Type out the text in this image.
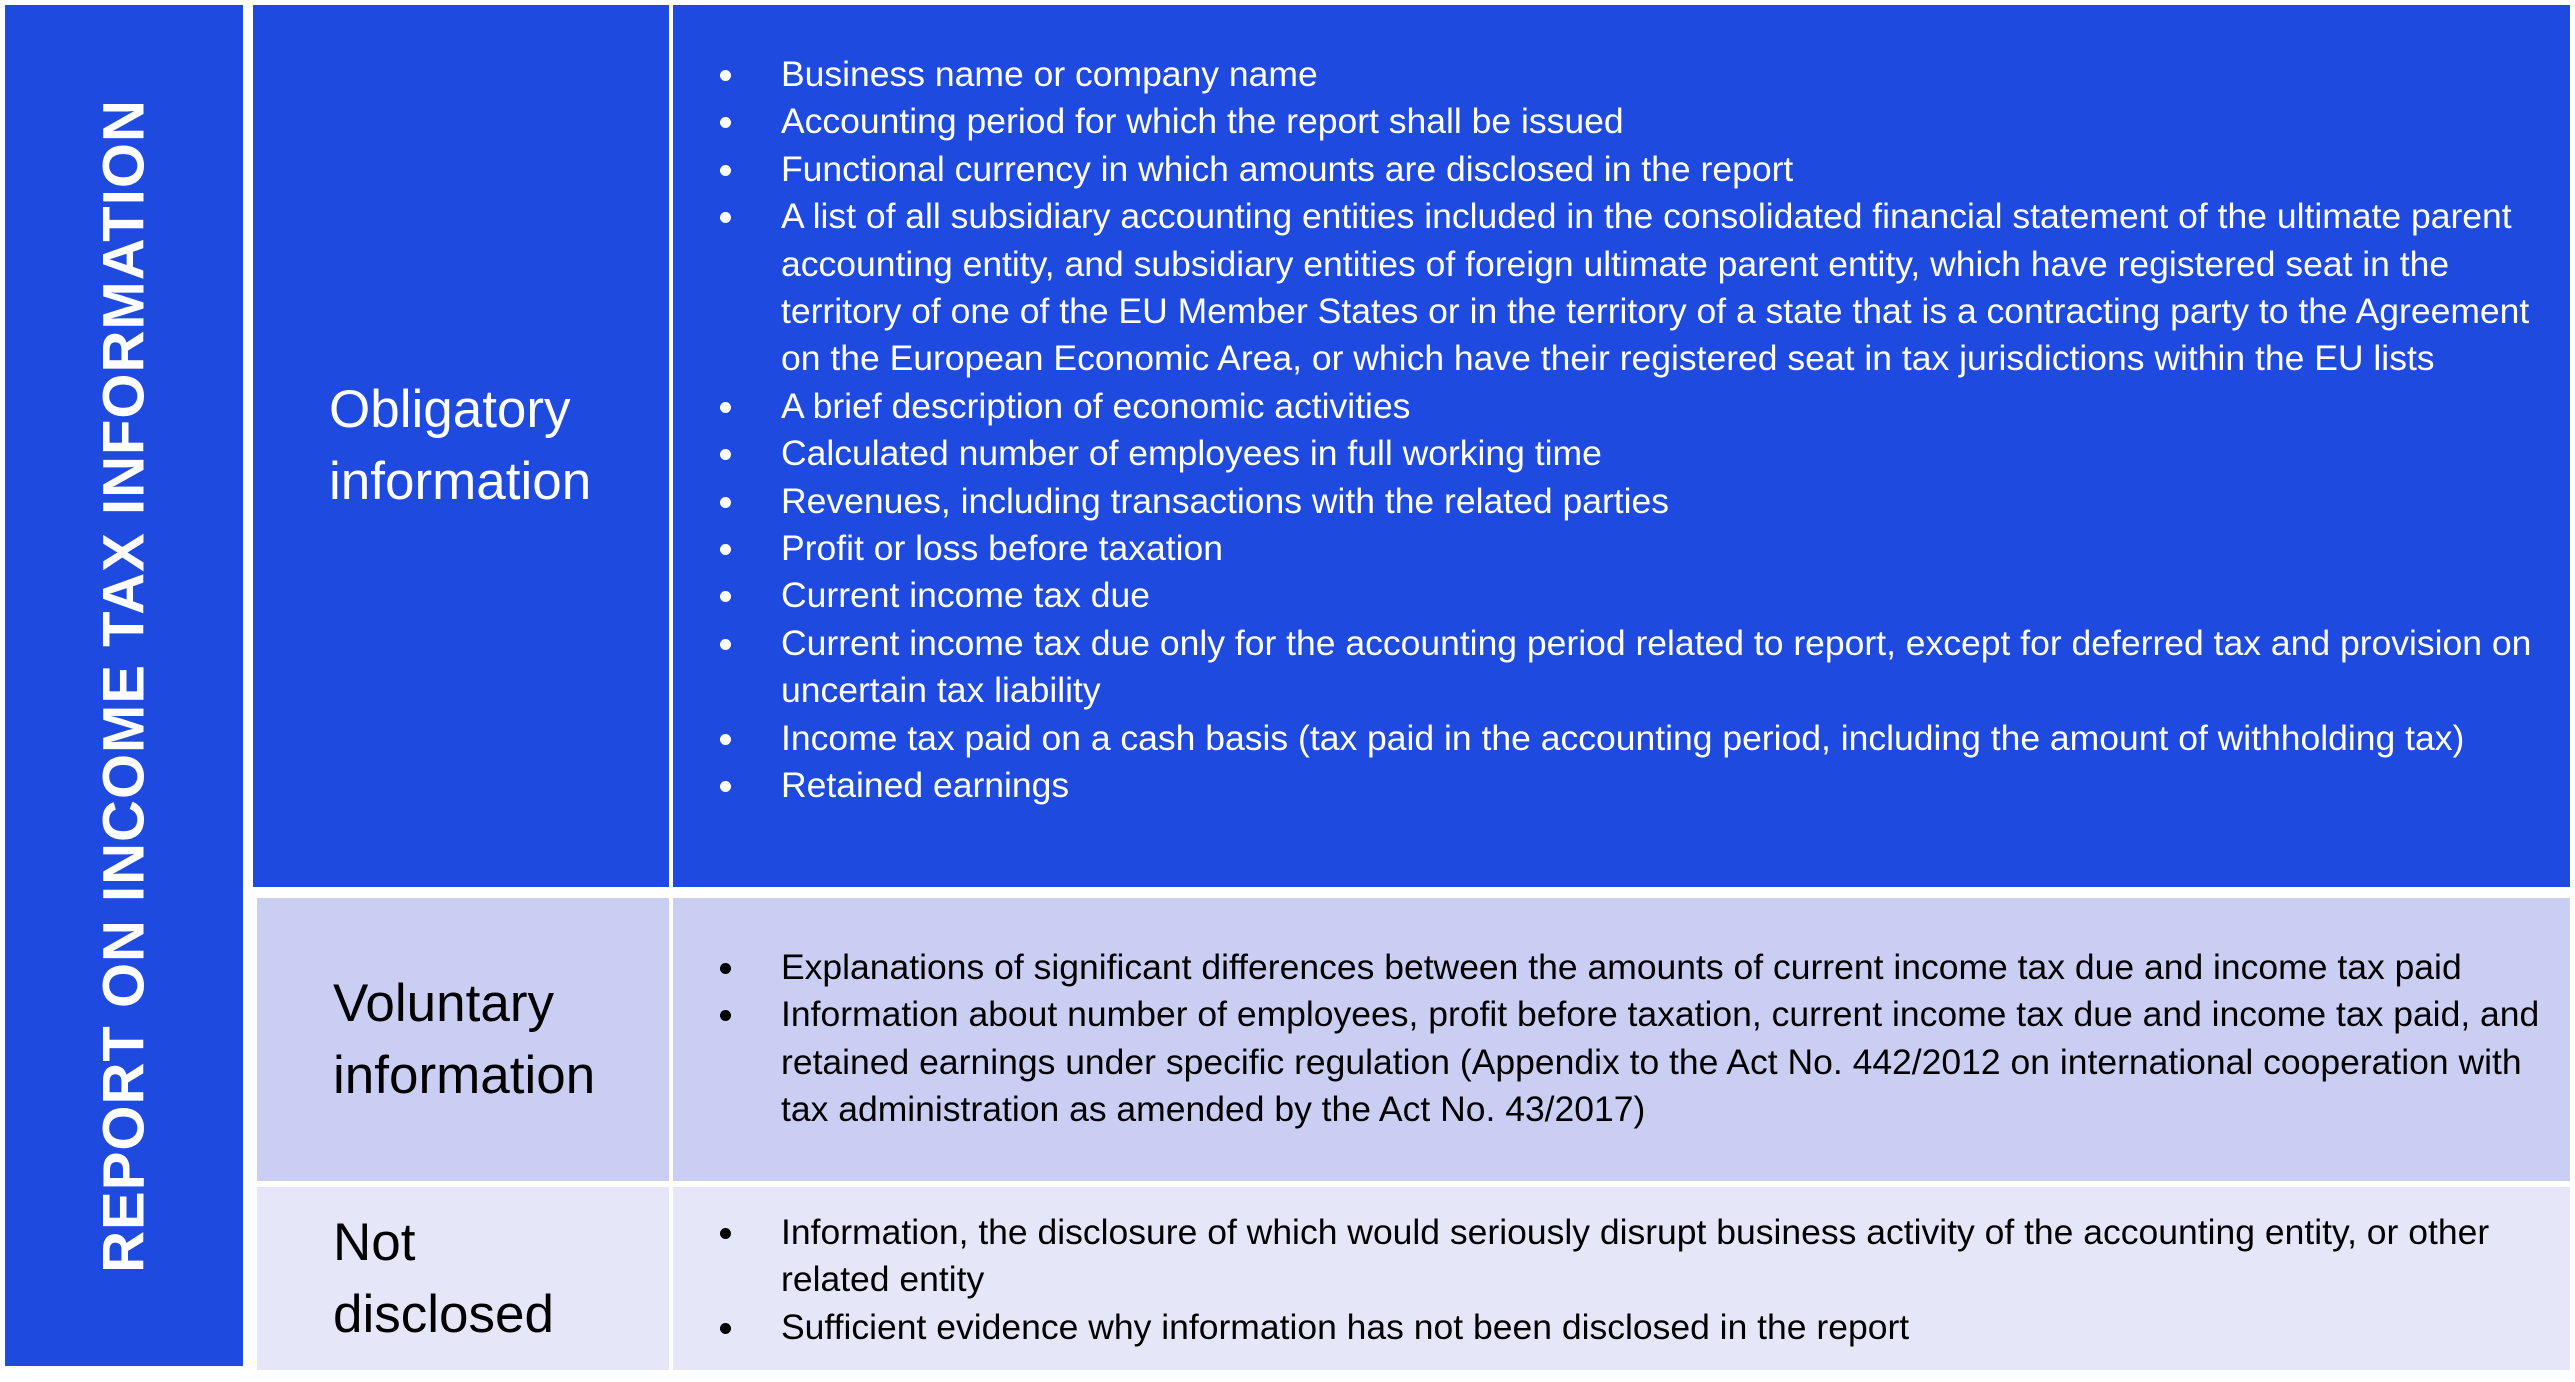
REPORT ON INCOME TAX INFORMATION	Obligatory
information
Business name or company name
Accounting period for which the report shall be issued
Functional currency in which amounts are disclosed in the report
A list of all subsidiary accounting entities included in the consolidated financial statement of the ultimate parent accounting entity, and subsidiary entities of foreign ultimate parent entity, which have registered seat in the territory of one of the EU Member States or in the territory of a state that is a contracting party to the Agreement on the European Economic Area, or which have their registered seat in tax jurisdictions within the EU lists
A brief description of economic activities
Calculated number of employees in full working time
Revenues, including transactions with the related parties
Profit or loss before taxation
Current income tax due
Current income tax due only for the accounting period related to report, except for deferred tax and provision on uncertain tax liability
Income tax paid on a cash basis (tax paid in the accounting period, including the amount of withholding tax)
Retained earnings
Voluntary
information
Explanations of significant differences between the amounts of current income tax due and income tax paid
Information about number of employees, profit before taxation, current income tax due and income tax paid, and retained earnings under specific regulation (Appendix to the Act No. 442/2012 on international cooperation with tax administration as amended by the Act No. 43/2017)
Not
disclosed
Information, the disclosure of which would seriously disrupt business activity of the accounting entity, or other related entity
Sufficient evidence why information has not been disclosed in the report
